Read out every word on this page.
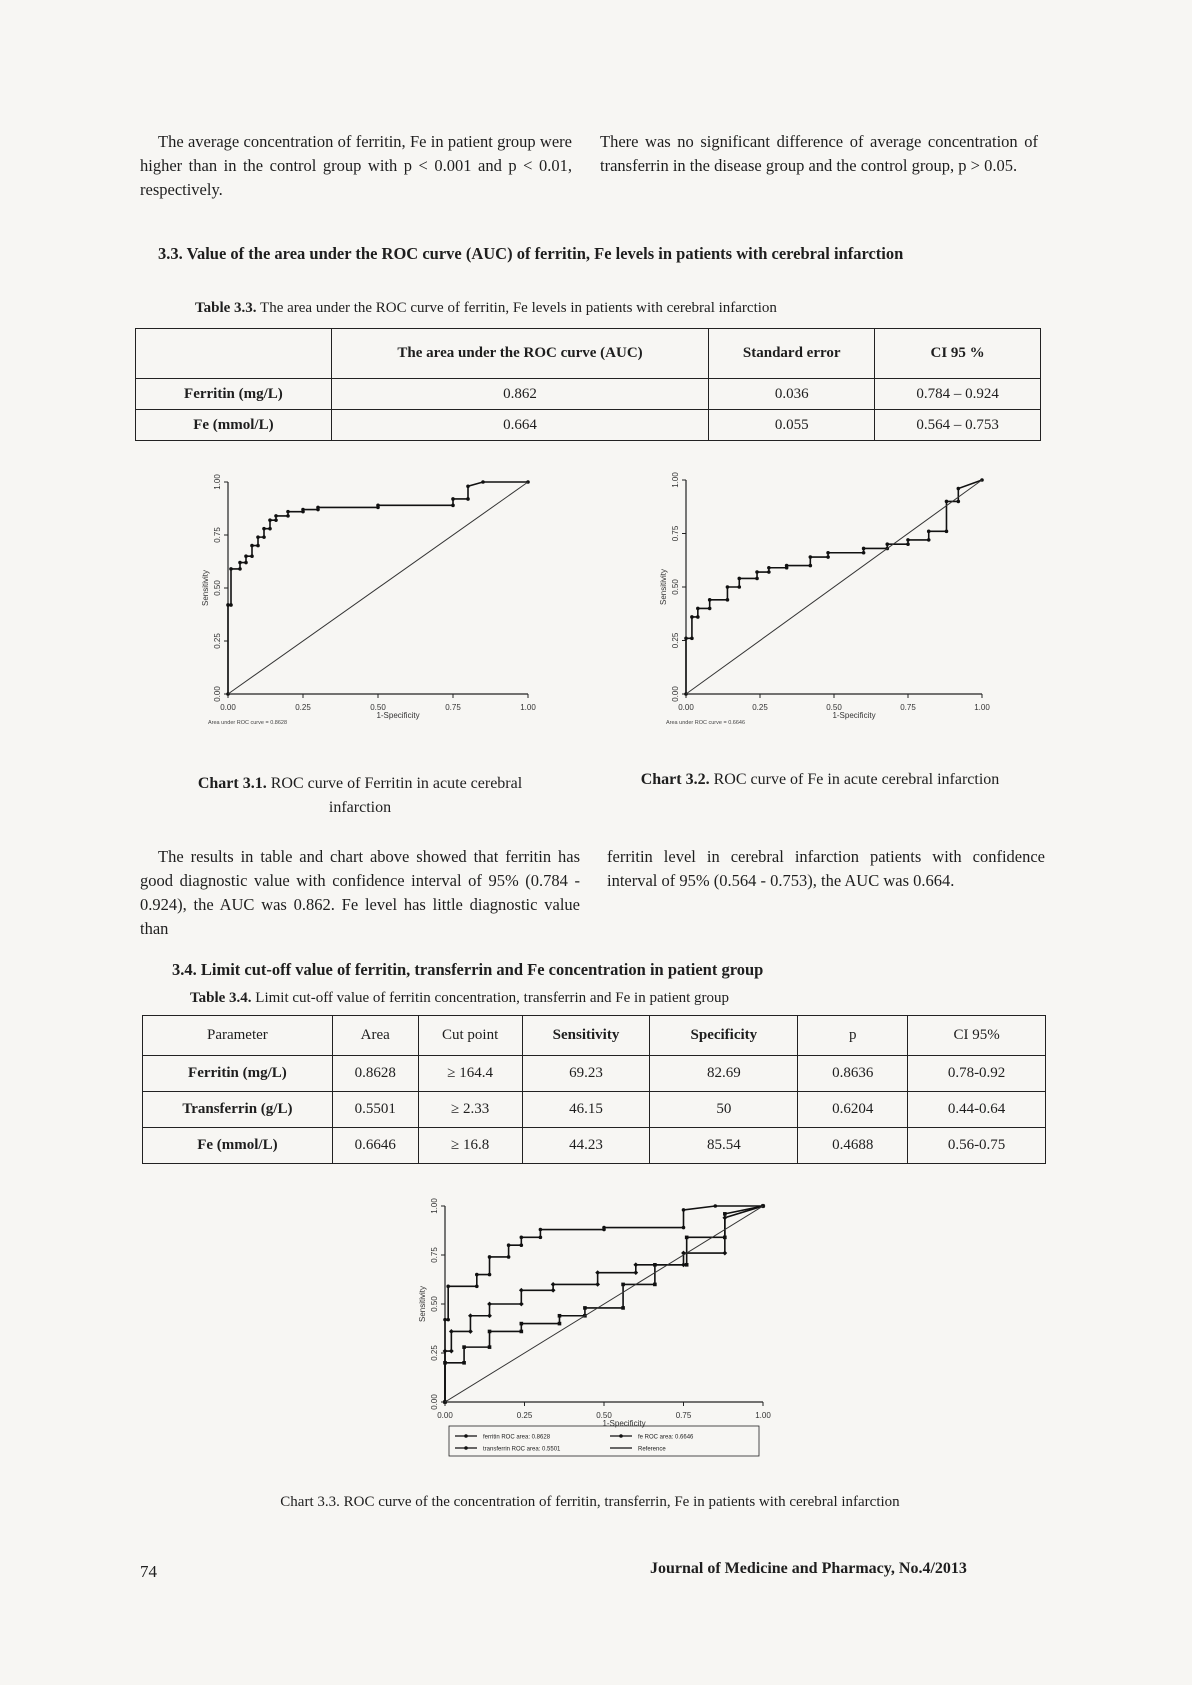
The average concentration of ferritin, Fe in patient group were higher than in the control group with p < 0.001 and p < 0.01, respectively.

There was no significant difference of average concentration of transferrin in the disease group and the control group, p > 0.05.

3.3. Value of the area under the ROC curve (AUC) of ferritin, Fe levels in patients with cerebral infarction
Table 3.3. The area under the ROC curve of ferritin, Fe levels in patients with cerebral infarction
	The area under the ROC curve (AUC)	Standard error	CI 95 %
Ferritin (mg/L)	0.862	0.036	0.784 – 0.924
Fe (mmol/L)	0.664	0.055	0.564 – 0.753
0.00	0.25	0.50	0.75	1.00
0.00
0.25
0.50
0.75
1.00
1-Specificity
Sensitivity
Area under ROC curve = 0.8628
0.00	0.25	0.50	0.75	1.00
0.00
0.25
0.50
0.75
1.00
1-Specificity
Sensitivity
Area under ROC curve = 0.6646
Chart 3.1. ROC curve of Ferritin in acute cerebral infarction
Chart 3.2. ROC curve of Fe in acute cerebral infarction

The results in table and chart above showed that ferritin has good diagnostic value with confidence interval of 95% (0.784 - 0.924), the AUC was 0.862. Fe level has little diagnostic value than

ferritin level in cerebral infarction patients with confidence interval of 95% (0.564 - 0.753), the AUC was 0.664.

3.4. Limit cut-off value of ferritin, transferrin and Fe concentration in patient group
Table 3.4. Limit cut-off value of ferritin concentration, transferrin and Fe in patient group
Parameter	Area	Cut point	Sensitivity	Specificity	p	CI 95%
Ferritin (mg/L)	0.8628	≥ 164.4	69.23	82.69	0.8636	0.78-0.92
Transferrin (g/L)	0.5501	≥ 2.33	46.15	50	0.6204	0.44-0.64
Fe (mmol/L)	0.6646	≥ 16.8	44.23	85.54	0.4688	0.56-0.75
0.00	0.25	0.50	0.75	1.00
0.00
0.25
0.50
0.75
1.00
1-Specificity
Sensitivity
ferritin ROC area: 0.8628
transferrin ROC area: 0.5501
fe ROC area: 0.6646
Reference
Chart 3.3. ROC curve of the concentration of ferritin, transferrin, Fe in patients with cerebral infarction
74	Journal of Medicine and Pharmacy, No.4/2013
